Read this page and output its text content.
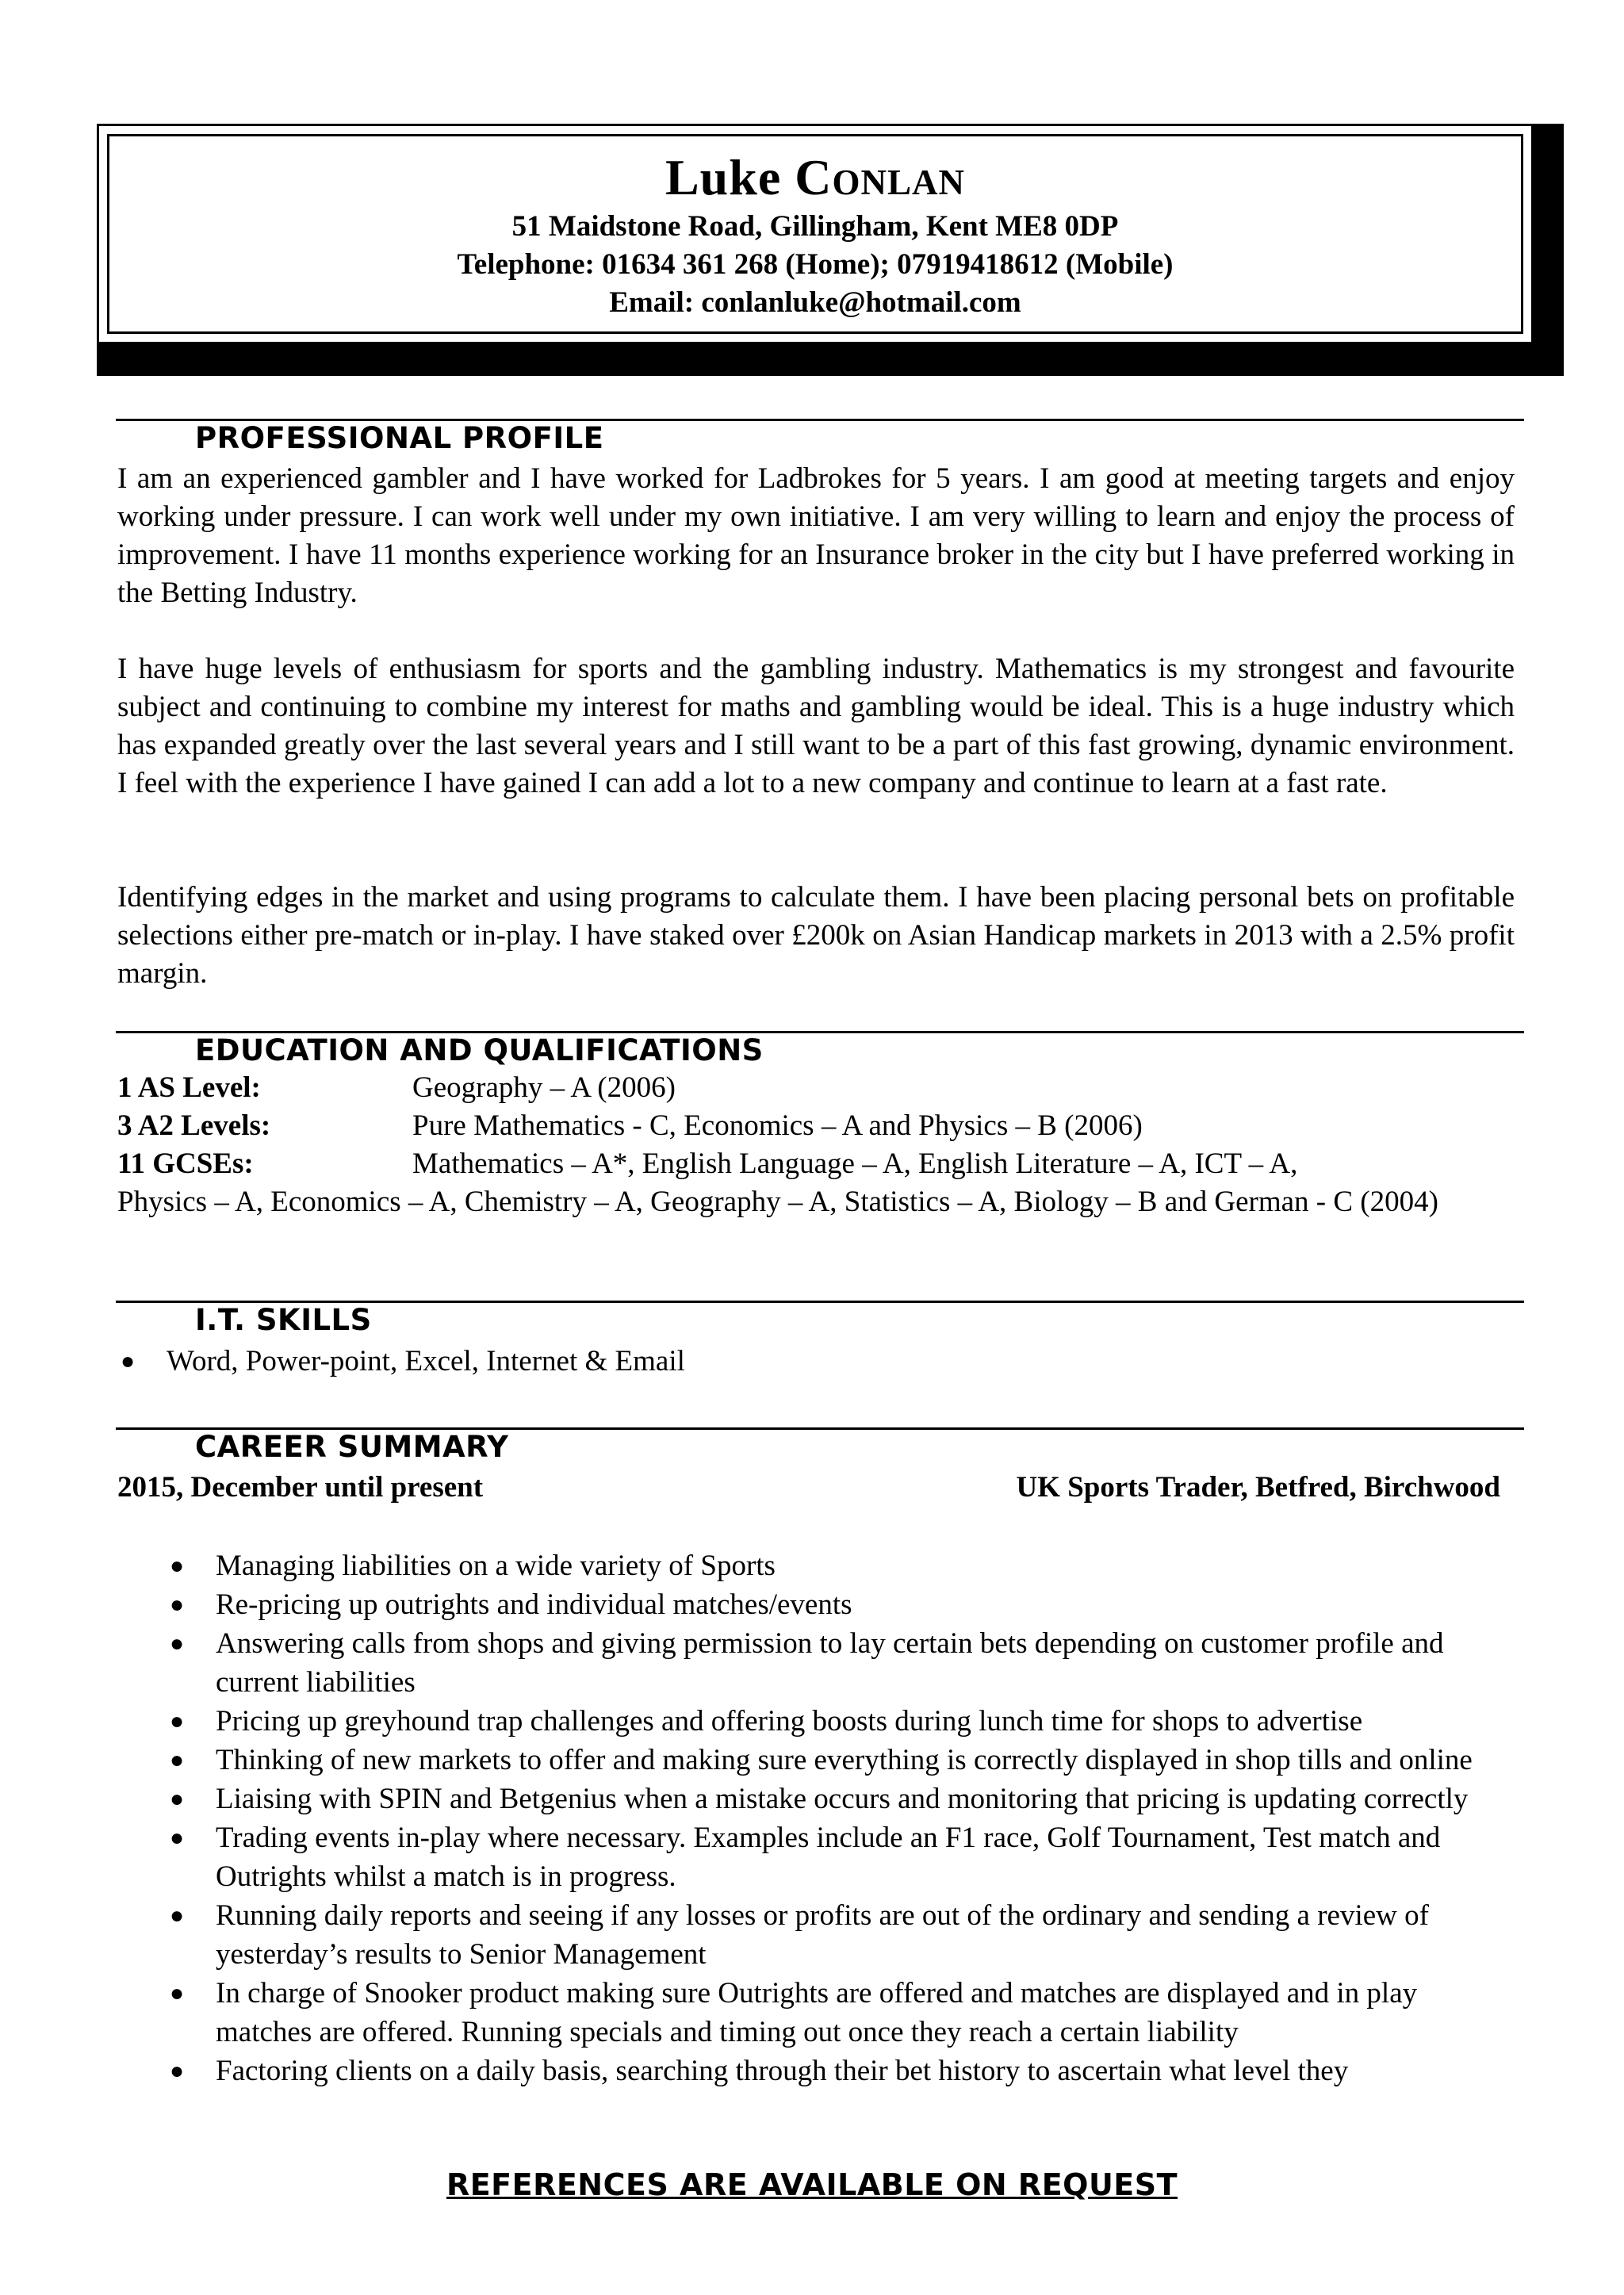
Luke Conlan
51 Maidstone Road, Gillingham, Kent ME8 0DP
Telephone: 01634 361 268 (Home); 07919418612 (Mobile)
Email: conlanluke@hotmail.com
PROFESSIONAL PROFILE
I am an experienced gambler and I have worked for Ladbrokes for 5 years. I am good at meeting targets and enjoy working under pressure. I can work well under my own initiative. I am very willing to learn and enjoy the process of improvement. I have 11 months experience working for an Insurance broker in the city but I have preferred working in the Betting Industry.
I have huge levels of enthusiasm for sports and the gambling industry. Mathematics is my strongest and favourite subject and continuing to combine my interest for maths and gambling would be ideal. This is a huge industry which has expanded greatly over the last several years and I still want to be a part of this fast growing, dynamic environment. I feel with the experience I have gained I can add a lot to a new company and continue to learn at a fast rate.
Identifying edges in the market and using programs to calculate them. I have been placing personal bets on profitable selections either pre-match or in-play. I have staked over £200k on Asian Handicap markets in 2013 with a 2.5% profit margin.
EDUCATION AND QUALIFICATIONS
1 AS Level:	Geography – A (2006)
3 A2 Levels:	Pure Mathematics - C, Economics – A and Physics – B (2006)
11 GCSEs:	Mathematics – A*, English Language – A, English Literature – A, ICT – A,
Physics – A, Economics – A, Chemistry – A, Geography – A, Statistics – A, Biology – B and German - C (2004)
I.T. SKILLS
● Word, Power-point, Excel, Internet & Email
CAREER SUMMARY
2015, December until present	UK Sports Trader, Betfred, Birchwood
● Managing liabilities on a wide variety of Sports
● Re-pricing up outrights and individual matches/events
● Answering calls from shops and giving permission to lay certain bets depending on customer profile and current liabilities
● Pricing up greyhound trap challenges and offering boosts during lunch time for shops to advertise
● Thinking of new markets to offer and making sure everything is correctly displayed in shop tills and online
● Liaising with SPIN and Betgenius when a mistake occurs and monitoring that pricing is updating correctly
● Trading events in-play where necessary. Examples include an F1 race, Golf Tournament, Test match and Outrights whilst a match is in progress.
● Running daily reports and seeing if any losses or profits are out of the ordinary and sending a review of yesterday’s results to Senior Management
● In charge of Snooker product making sure Outrights are offered and matches are displayed and in play matches are offered. Running specials and timing out once they reach a certain liability
● Factoring clients on a daily basis, searching through their bet history to ascertain what level they
REFERENCES ARE AVAILABLE ON REQUEST
